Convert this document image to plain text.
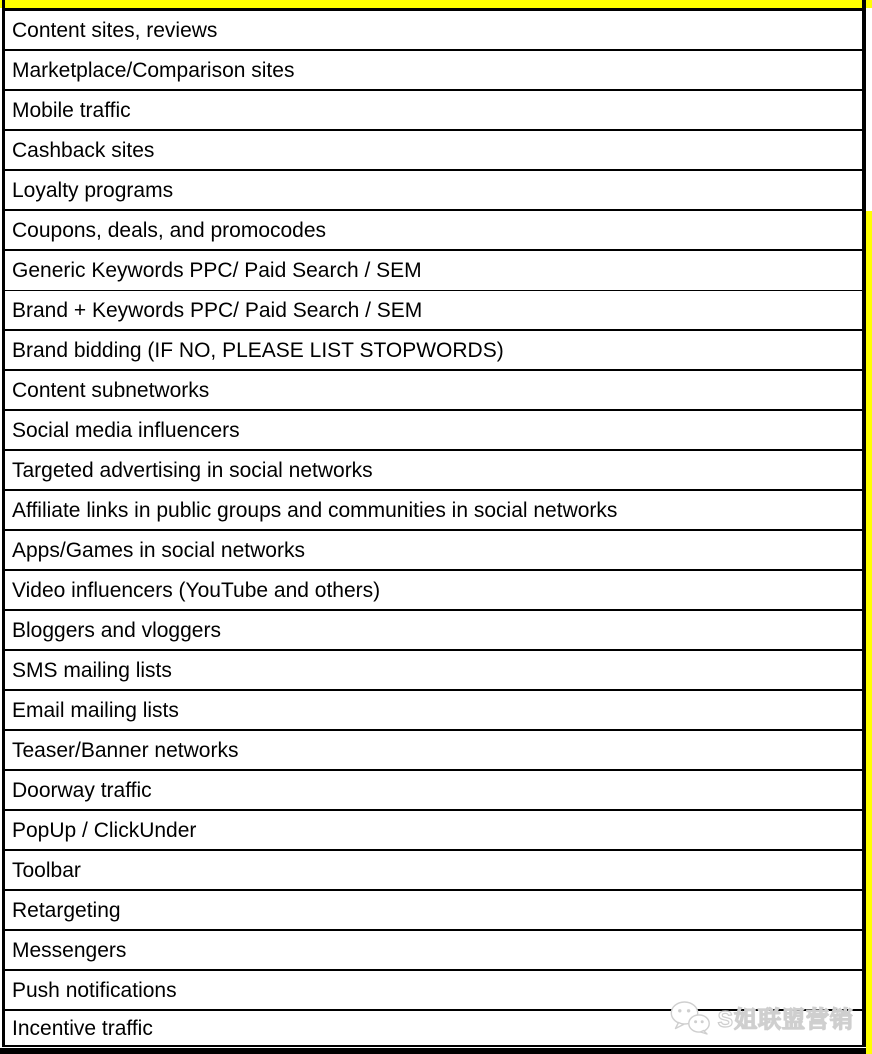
Content sites, reviews
Marketplace/Comparison sites
Mobile traffic
Cashback sites
Loyalty programs
Coupons, deals, and promocodes
Generic Keywords PPC/ Paid Search / SEM
Brand + Keywords PPC/ Paid Search / SEM
Brand bidding (IF NO, PLEASE LIST STOPWORDS)
Content subnetworks
Social media influencers
Targeted advertising in social networks
Affiliate links in public groups and communities in social networks
Apps/Games in social networks
Video influencers (YouTube and others)
Bloggers and vloggers
SMS mailing lists
Email mailing lists
Teaser/Banner networks
Doorway traffic
PopUp / ClickUnder
Toolbar
Retargeting
Messengers
Push notifications
Incentive traffic	S姐联盟营销
